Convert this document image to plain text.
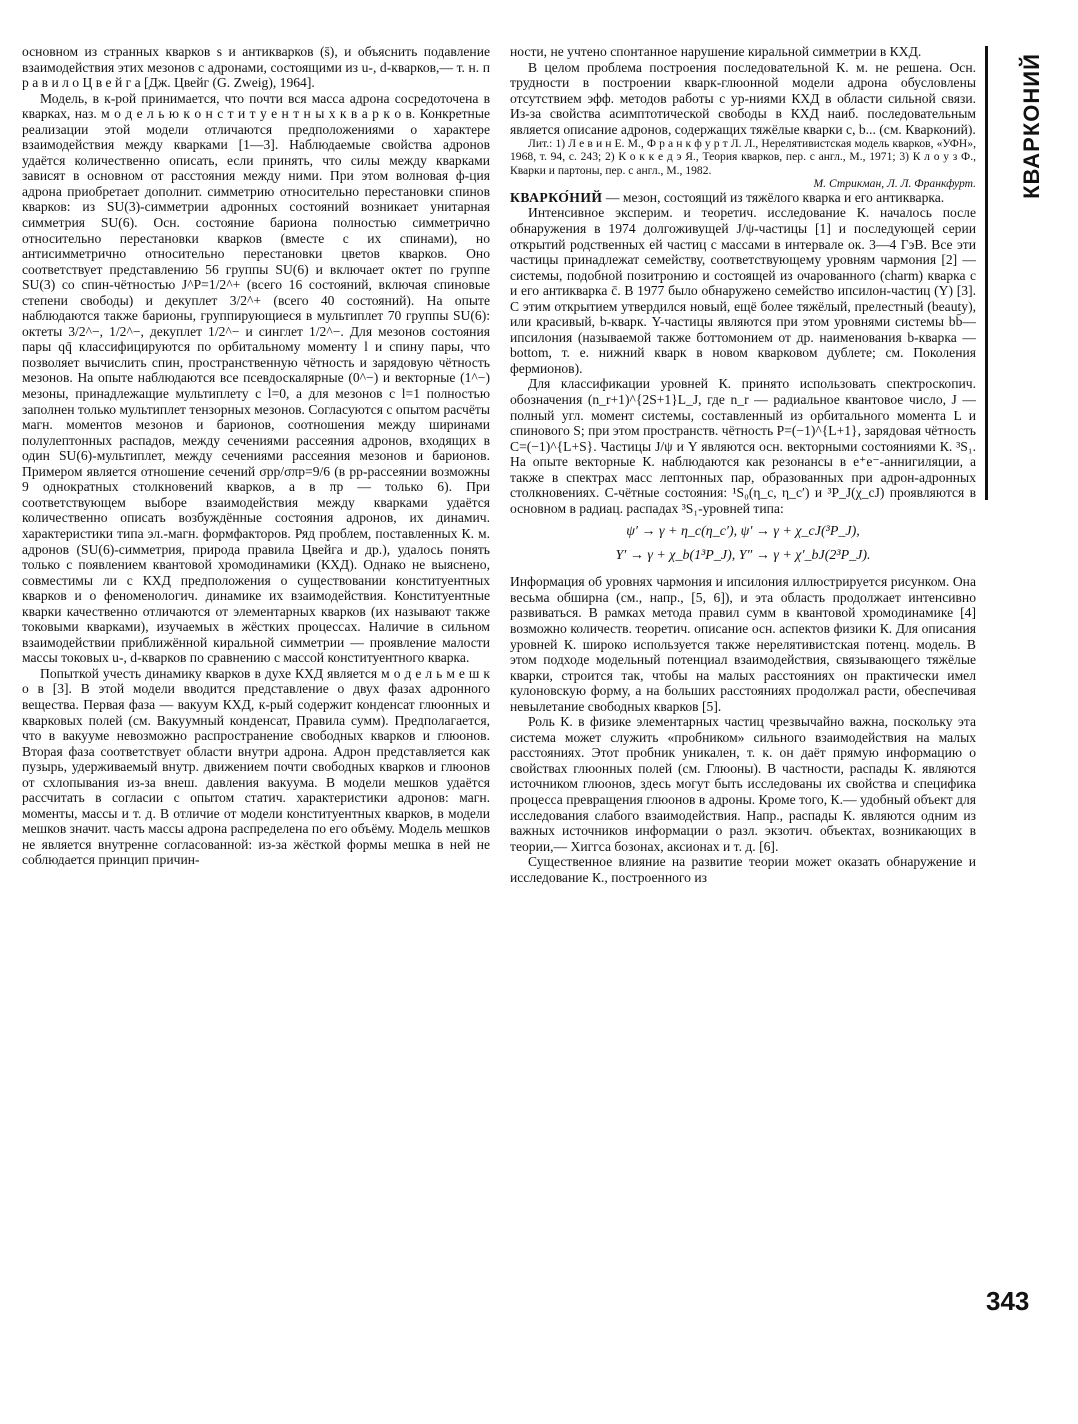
основном из странных кварков s и антикварков (s̄), и объяснить подавление взаимодействия этих мезонов с адронами, состоящими из u-, d-кварков,— т. н. п р а в и л о Ц в е й г а [Дж. Цвейг (G. Zweig), 1964].

Модель, в к-рой принимается, что почти вся масса адрона сосредоточена в кварках, наз. м о д е л ь ю к о н с т и т у е н т н ы х к в а р к о в. Конкретные реализации этой модели отличаются предположениями о характере взаимодействия между кварками [1—3]. Наблюдаемые свойства адронов удаётся количественно описать, если принять, что силы между кварками зависят в основном от расстояния между ними. При этом волновая ф-ция адрона приобретает дополнит. симметрию относительно перестановки спинов кварков: из SU(3)-симметрии адронных состояний возникает унитарная симметрия SU(6). Осн. состояние бариона полностью симметрично относительно перестановки кварков (вместе с их спинами), но антисимметрично относительно перестановки цветов кварков. Оно соответствует представлению 56 группы SU(6) и включает октет по группе SU(3) со спин-чётностью J^P=1/2^+ (всего 16 состояний, включая спиновые степени свободы) и декуплет 3/2^+ (всего 40 состояний). На опыте наблюдаются также барионы, группирующиеся в мультиплет 70 группы SU(6): октеты 3/2^−, 1/2^−, декуплет 1/2^− и синглет 1/2^−. Для мезонов состояния пары qq̄ классифицируются по орбитальному моменту l и спину пары, что позволяет вычислить спин, пространственную чётность и зарядовую чётность мезонов. На опыте наблюдаются все псевдоскалярные (0^−) и векторные (1^−) мезоны, принадлежащие мультиплету с l=0, а для мезонов с l=1 полностью заполнен только мультиплет тензорных мезонов. Согласуются с опытом расчёты магн. моментов мезонов и барионов, соотношения между ширинами полулептонных распадов, между сечениями рассеяния адронов, входящих в один SU(6)-мультиплет, между сечениями рассеяния мезонов и барионов. Примером является отношение сечений σpp/σπp=9/6 (в pp-рассеянии возможны 9 однократных столкновений кварков, а в πp — только 6). При соответствующем выборе взаимодействия между кварками удаётся количественно описать возбуждённые состояния адронов, их динамич. характеристики типа эл.-магн. формфакторов. Ряд проблем, поставленных К. м. адронов (SU(6)-симметрия, природа правила Цвейга и др.), удалось понять только с появлением квантовой хромодинамики (КХД). Однако не выяснено, совместимы ли с КХД предположения о существовании конституентных кварков и о феноменологич. динамике их взаимодействия. Конституентные кварки качественно отличаются от элементарных кварков (их называют также токовыми кварками), изучаемых в жёстких процессах. Наличие в сильном взаимодействии приближённой киральной симметрии — проявление малости массы токовых u-, d-кварков по сравнению с массой конституентного кварка.

Попыткой учесть динамику кварков в духе КХД является м о д е л ь м е ш к о в [3]. В этой модели вводится представление о двух фазах адронного вещества. Первая фаза — вакуум КХД, к-рый содержит конденсат глюонных и кварковых полей (см. Вакуумный конденсат, Правила сумм). Предполагается, что в вакууме невозможно распространение свободных кварков и глюонов. Вторая фаза соответствует области внутри адрона. Адрон представляется как пузырь, удерживаемый внутр. движением почти свободных кварков и глюонов от схлопывания из-за внеш. давления вакуума. В модели мешков удаётся рассчитать в согласии с опытом статич. характеристики адронов: магн. моменты, массы и т. д. В отличие от модели конституентных кварков, в модели мешков значит. часть массы адрона распределена по его объёму. Модель мешков не является внутренне согласованной: из-за жёсткой формы мешка в ней не соблюдается принцип причин-

ности, не учтено спонтанное нарушение киральной симметрии в КХД.

В целом проблема построения последовательной К. м. не решена. Осн. трудности в построении кварк-глюонной модели адрона обусловлены отсутствием эфф. методов работы с ур-ниями КХД в области сильной связи. Из-за свойства асимптотической свободы в КХД наиб. последовательным является описание адронов, содержащих тяжёлые кварки c, b... (см. Кварконий).

Лит.: 1) Л е в и н Е. М., Ф р а н к ф у р т Л. Л., Нерелятивистская модель кварков, «УФН», 1968, т. 94, с. 243; 2) К о к к е д э Я., Теория кварков, пер. с англ., М., 1971; 3) К л о у з Ф., Кварки и партоны, пер. с англ., М., 1982.

М. Стрикман, Л. Л. Франкфурт.

КВАРКО́НИЙ — мезон, состоящий из тяжёлого кварка и его антикварка.

Интенсивное эксперим. и теоретич. исследование К. началось после обнаружения в 1974 долгоживущей J/ψ-частицы [1] и последующей серии открытий родственных ей частиц с массами в интервале ок. 3—4 ГэВ. Все эти частицы принадлежат семейству, соответствующему уровням чармония [2] — системы, подобной позитронию и состоящей из очарованного (charm) кварка c и его антикварка c̄. В 1977 было обнаружено семейство ипсилон-частиц (Υ) [3]. С этим открытием утвердился новый, ещё более тяжёлый, прелестный (beauty), или красивый, b-кварк. Υ-частицы являются при этом уровнями системы bb̄—ипсилония (называемой также боттомонием от др. наименования b-кварка — bottom, т. е. нижний кварк в новом кварковом дублете; см. Поколения фермионов).

Для классификации уровней К. принято использовать спектроскопич. обозначения (n_r+1)^{2S+1}L_J, где n_r — радиальное квантовое число, J — полный угл. момент системы, составленный из орбитального момента L и спинового S; при этом пространств. чётность P=(−1)^{L+1}, зарядовая чётность C=(−1)^{L+S}. Частицы J/ψ и Υ являются осн. векторными состояниями К. ³S₁. На опыте векторные К. наблюдаются как резонансы в e⁺e⁻-аннигиляции, а также в спектрах масс лептонных пар, образованных при адрон-адронных столкновениях. C-чётные состояния: ¹S₀(η_c, η_c′) и ³P_J(χ_cJ) проявляются в основном в радиац. распадах ³S₁-уровней типа:

ψ′ → γ + η_c(η_c′), ψ′ → γ + χ_cJ(³P_J),
Υ′ → γ + χ_b(1³P_J), Υ″ → γ + χ′_bJ(2³P_J).

Информация об уровнях чармония и ипсилония иллюстрируется рисунком. Она весьма обширна (см., напр., [5, 6]), и эта область продолжает интенсивно развиваться. В рамках метода правил сумм в квантовой хромодинамике [4] возможно количеств. теоретич. описание осн. аспектов физики К. Для описания уровней К. широко используется также нерелятивистская потенц. модель. В этом подходе модельный потенциал взаимодействия, связывающего тяжёлые кварки, строится так, чтобы на малых расстояниях он практически имел кулоновскую форму, а на больших расстояниях продолжал расти, обеспечивая невылетание свободных кварков [5].

Роль К. в физике элементарных частиц чрезвычайно важна, поскольку эта система может служить «пробником» сильного взаимодействия на малых расстояниях. Этот пробник уникален, т. к. он даёт прямую информацию о свойствах глюонных полей (см. Глюоны). В частности, распады К. являются источником глюонов, здесь могут быть исследованы их свойства и специфика процесса превращения глюонов в адроны. Кроме того, К.— удобный объект для исследования слабого взаимодействия. Напр., распады К. являются одним из важных источников информации о разл. экзотич. объектах, возникающих в теории,— Хиггса бозонах, аксионах и т. д. [6].

Существенное влияние на развитие теории может оказать обнаружение и исследование К., построенного из

КВАРКОНИЙ
343
